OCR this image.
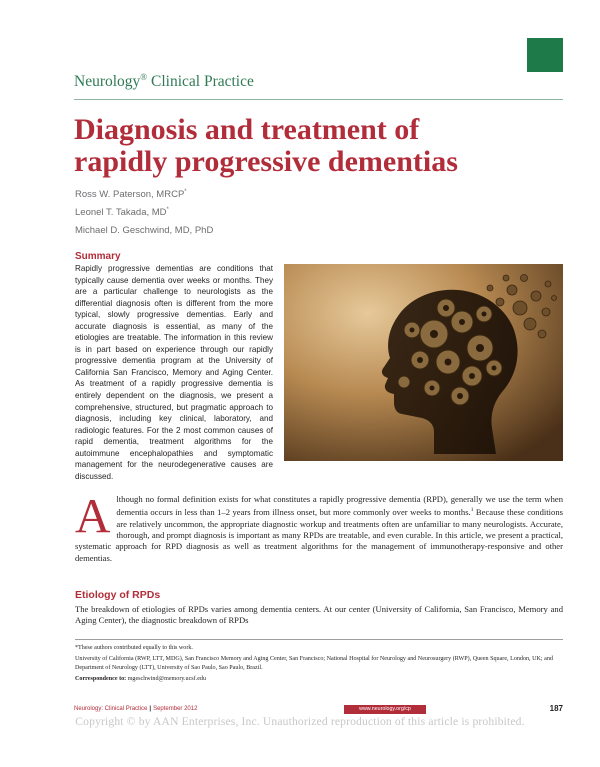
Neurology® Clinical Practice
Diagnosis and treatment of
rapidly progressive dementias
Ross W. Paterson, MRCP*
Leonel T. Takada, MD*
Michael D. Geschwind, MD, PhD
Summary

Rapidly progressive dementias are conditions that typically cause dementia over weeks or months. They are a particular challenge to neurologists as the differential diagnosis often is different from the more typical, slowly progressive dementias. Early and accurate diagnosis is essential, as many of the etiologies are treatable. The information in this review is in part based on experience through our rapidly progressive dementia program at the University of California San Francisco, Memory and Aging Center. As treatment of a rapidly progressive dementia is entirely dependent on the diagnosis, we present a comprehensive, structured, but pragmatic approach to diagnosis, including key clinical, laboratory, and radiologic features. For the 2 most common causes of rapid dementia, treatment algorithms for the autoimmune encephalopathies and symptomatic management for the neurodegenerative causes are discussed.

Although no formal definition exists for what constitutes a rapidly progressive dementia (RPD), generally we use the term when dementia occurs in less than 1–2 years from illness onset, but more commonly over weeks to months.$^1$ Because these conditions are relatively uncommon, the appropriate diagnostic workup and treatments often are unfamiliar to many neurologists. Accurate, thorough, and prompt diagnosis is important as many RPDs are treatable, and even curable. In this article, we present a practical, systematic approach for RPD diagnosis as well as treatment algorithms for the management of immunotherapy-responsive and other dementias.

Etiology of RPDs

The breakdown of etiologies of RPDs varies among dementia centers. At our center (University of California, San Francisco, Memory and Aging Center), the diagnostic breakdown of RPDs

*These authors contributed equally to this work.

University of California (RWP, LTT, MDG), San Francisco Memory and Aging Center, San Francisco; National Hospital for Neurology and Neurosurgery (RWP), Queen Square, London, UK; and Department of Neurology (LTT), University of Sao Paulo, Sao Paulo, Brazil.

Correspondence to: mgeschwind@memory.ucsf.edu

Neurology: Clinical Practice | September 2012	www.neurology.org/cp	187
Copyright © by AAN Enterprises, Inc. Unauthorized reproduction of this article is prohibited.
